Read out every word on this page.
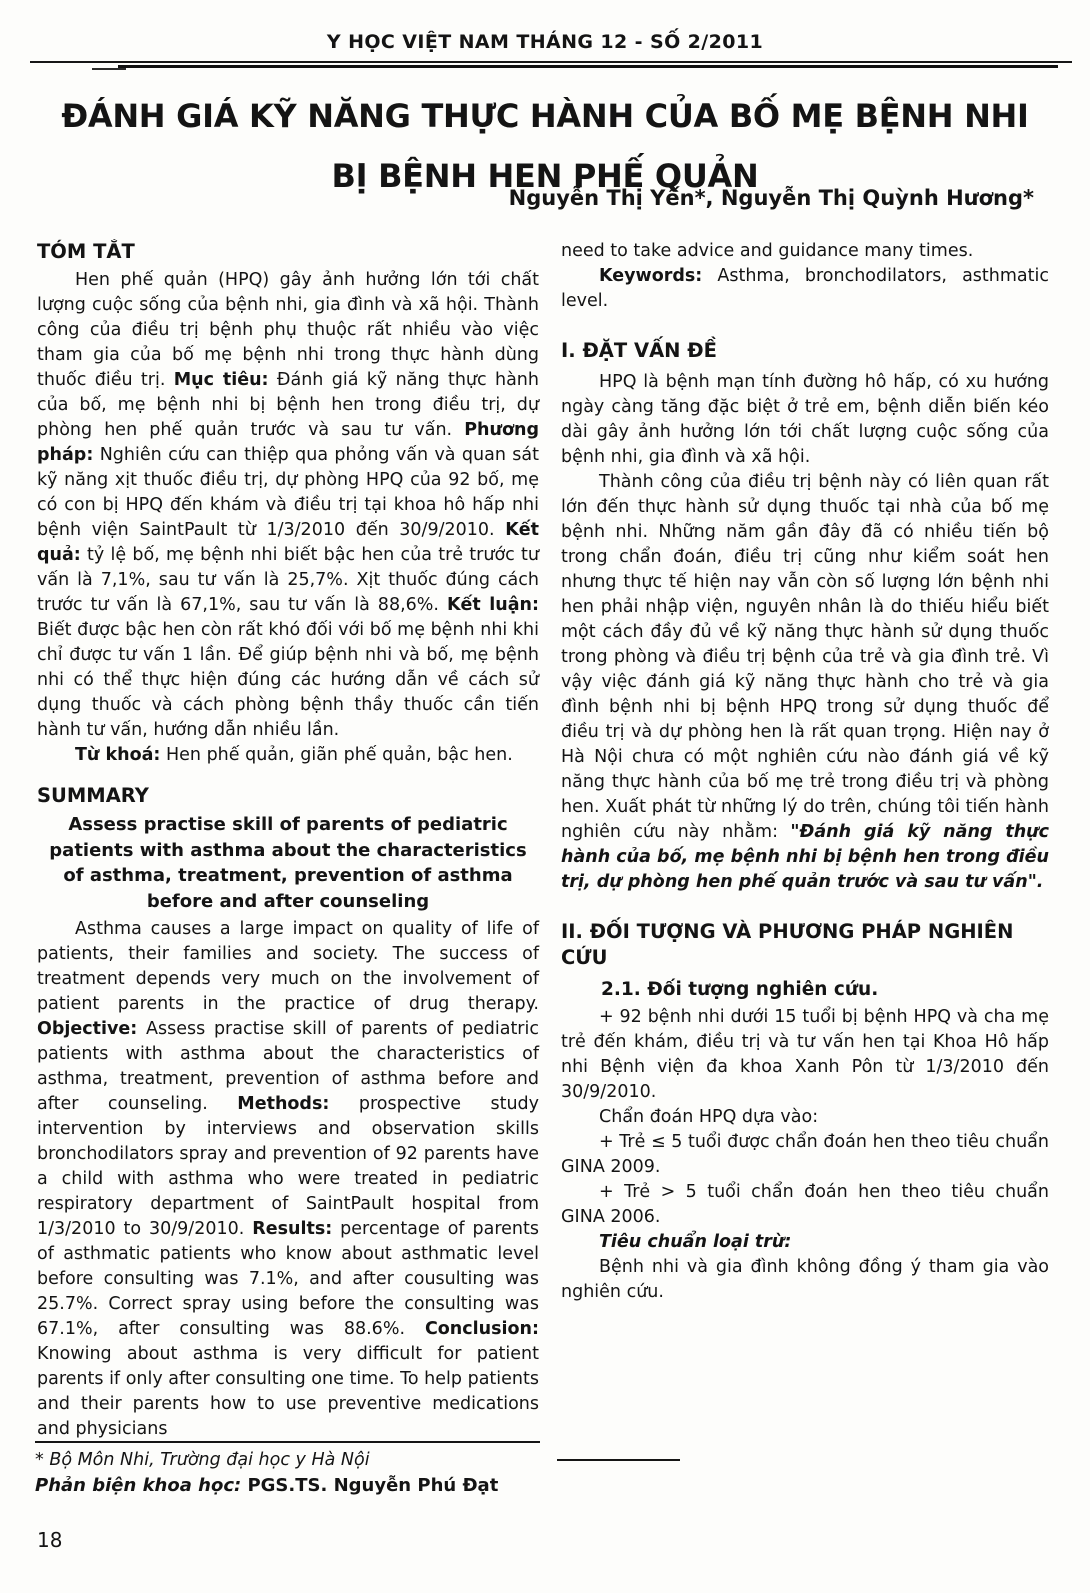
Y HỌC VIỆT NAM THÁNG 12 - SỐ 2/2011
ĐÁNH GIÁ KỸ NĂNG THỰC HÀNH CỦA BỐ MẸ BỆNH NHI
BỊ BỆNH HEN PHẾ QUẢN
Nguyễn Thị Yến*, Nguyễn Thị Quỳnh Hương*
TÓM TẮT

Hen phế quản (HPQ) gây ảnh hưởng lớn tới chất lượng cuộc sống của bệnh nhi, gia đình và xã hội. Thành công của điều trị bệnh phụ thuộc rất nhiều vào việc tham gia của bố mẹ bệnh nhi trong thực hành dùng thuốc điều trị. Mục tiêu: Đánh giá kỹ năng thực hành của bố, mẹ bệnh nhi bị bệnh hen trong điều trị, dự phòng hen phế quản trước và sau tư vấn. Phương pháp: Nghiên cứu can thiệp qua phỏng vấn và quan sát kỹ năng xịt thuốc điều trị, dự phòng HPQ của 92 bố, mẹ có con bị HPQ đến khám và điều trị tại khoa hô hấp nhi bệnh viện SaintPault từ 1/3/2010 đến 30/9/2010. Kết quả: tỷ lệ bố, mẹ bệnh nhi biết bậc hen của trẻ trước tư vấn là 7,1%, sau tư vấn là 25,7%. Xịt thuốc đúng cách trước tư vấn là 67,1%, sau tư vấn là 88,6%. Kết luận: Biết được bậc hen còn rất khó đối với bố mẹ bệnh nhi khi chỉ được tư vấn 1 lần. Để giúp bệnh nhi và bố, mẹ bệnh nhi có thể thực hiện đúng các hướng dẫn về cách sử dụng thuốc và cách phòng bệnh thầy thuốc cần tiến hành tư vấn, hướng dẫn nhiều lần.

Từ khoá: Hen phế quản, giãn phế quản, bậc hen.

SUMMARY
Assess practise skill of parents of pediatric patients with asthma about the characteristics of asthma, treatment, prevention of asthma before and after counseling

Asthma causes a large impact on quality of life of patients, their families and society. The success of treatment depends very much on the involvement of patient parents in the practice of drug therapy. Objective: Assess practise skill of parents of pediatric patients with asthma about the characteristics of asthma, treatment, prevention of asthma before and after counseling. Methods: prospective study intervention by interviews and observation skills bronchodilators spray and prevention of 92 parents have a child with asthma who were treated in pediatric respiratory department of SaintPault hospital from 1/3/2010 to 30/9/2010. Results: percentage of parents of asthmatic patients who know about asthmatic level before consulting was 7.1%, and after cousulting was 25.7%. Correct spray using before the consulting was 67.1%, after consulting was 88.6%. Conclusion: Knowing about asthma is very difficult for patient parents if only after consulting one time. To help patients and their parents how to use preventive medications and physicians

need to take advice and guidance many times.

Keywords: Asthma, bronchodilators, asthmatic level.

I. ĐẶT VẤN ĐỀ

HPQ là bệnh mạn tính đường hô hấp, có xu hướng ngày càng tăng đặc biệt ở trẻ em, bệnh diễn biến kéo dài gây ảnh hưởng lớn tới chất lượng cuộc sống của bệnh nhi, gia đình và xã hội.

Thành công của điều trị bệnh này có liên quan rất lớn đến thực hành sử dụng thuốc tại nhà của bố mẹ bệnh nhi. Những năm gần đây đã có nhiều tiến bộ trong chẩn đoán, điều trị cũng như kiểm soát hen nhưng thực tế hiện nay vẫn còn số lượng lớn bệnh nhi hen phải nhập viện, nguyên nhân là do thiếu hiểu biết một cách đầy đủ về kỹ năng thực hành sử dụng thuốc trong phòng và điều trị bệnh của trẻ và gia đình trẻ. Vì vậy việc đánh giá kỹ năng thực hành cho trẻ và gia đình bệnh nhi bị bệnh HPQ trong sử dụng thuốc để điều trị và dự phòng hen là rất quan trọng. Hiện nay ở Hà Nội chưa có một nghiên cứu nào đánh giá về kỹ năng thực hành của bố mẹ trẻ trong điều trị và phòng hen. Xuất phát từ những lý do trên, chúng tôi tiến hành nghiên cứu này nhằm: "Đánh giá kỹ năng thực hành của bố, mẹ bệnh nhi bị bệnh hen trong điều trị, dự phòng hen phế quản trước và sau tư vấn".

II. ĐỐI TƯỢNG VÀ PHƯƠNG PHÁP NGHIÊN CỨU
2.1. Đối tượng nghiên cứu.

+ 92 bệnh nhi dưới 15 tuổi bị bệnh HPQ và cha mẹ trẻ đến khám, điều trị và tư vấn hen tại Khoa Hô hấp nhi Bệnh viện đa khoa Xanh Pôn từ 1/3/2010 đến 30/9/2010.

Chẩn đoán HPQ dựa vào:

+ Trẻ ≤ 5 tuổi được chẩn đoán hen theo tiêu chuẩn GINA 2009.

+ Trẻ > 5 tuổi chẩn đoán hen theo tiêu chuẩn GINA 2006.

Tiêu chuẩn loại trừ:

Bệnh nhi và gia đình không đồng ý tham gia vào nghiên cứu.

* Bộ Môn Nhi, Trường đại học y Hà Nội
Phản biện khoa học: PGS.TS. Nguyễn Phú Đạt
18
